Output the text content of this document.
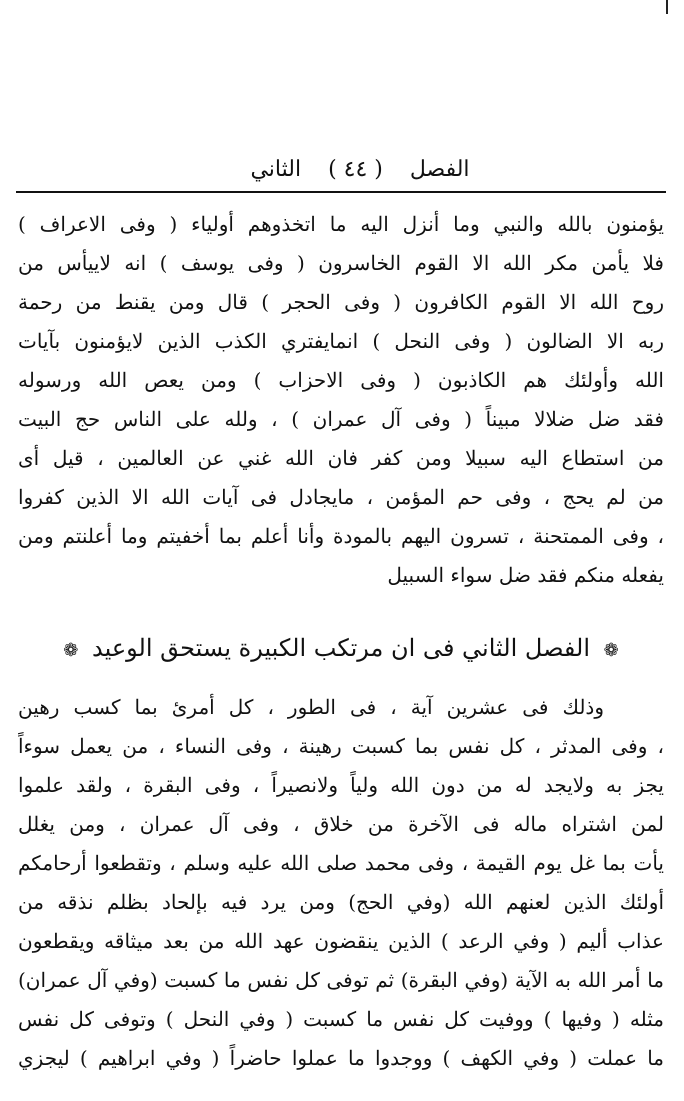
الفصل ( ٤٤ ) الثاني
يؤمنون بالله والنبي وما أنزل اليه ما اتخذوهم أولياء ( وفى الاعراف )
فلا يأمن مكر الله الا القوم الخاسرون ( وفى يوسف ) انه لاييأس من
روح الله الا القوم الكافرون ( وفى الحجر ) قال ومن يقنط من رحمة
ربه الا الضالون ( وفى النحل ) انمايفتري الكذب الذين لايؤمنون بآيات
الله وأولئك هم الكاذبون ( وفى الاحزاب ) ومن يعص الله ورسوله
فقد ضل ضلالا مبيناً ( وفى آل عمران ) ، ولله على الناس حج البيت
من استطاع اليه سبيلا ومن كفر فان الله غني عن العالمين ، قيل أى
من لم يحج ، وفى حم المؤمن ، مايجادل فى آيات الله الا الذين كفروا
، وفى الممتحنة ، تسرون اليهم بالمودة وأنا أعلم بما أخفيتم وما أعلنتم ومن
يفعله منكم فقد ضل سواء السبيل
❁ الفصل الثاني فى ان مرتكب الكبيرة يستحق الوعيد ❁
وذلك فى عشرين آية ، فى الطور ، كل أمرئ بما كسب رهين
، وفى المدثر ، كل نفس بما كسبت رهينة ، وفى النساء ، من يعمل سوءاً
يجز به ولايجد له من دون الله ولياً ولانصيراً ، وفى البقرة ، ولقد علموا
لمن اشتراه ماله فى الآخرة من خلاق ، وفى آل عمران ، ومن يغلل
يأت بما غل يوم القيمة ، وفى محمد صلى الله عليه وسلم ، وتقطعوا أرحامكم
أولئك الذين لعنهم الله (وفي الحج) ومن يرد فيه بإلحاد بظلم نذقه من
عذاب أليم ( وفي الرعد ) الذين ينقضون عهد الله من بعد ميثاقه ويقطعون
ما أمر الله به الآية (وفي البقرة) ثم توفى كل نفس ما كسبت (وفي آل عمران)
مثله ( وفيها ) ووفيت كل نفس ما كسبت ( وفي النحل ) وتوفى كل نفس
ما عملت ( وفي الكهف ) ووجدوا ما عملوا حاضراً ( وفي ابراهيم ) ليجزي
